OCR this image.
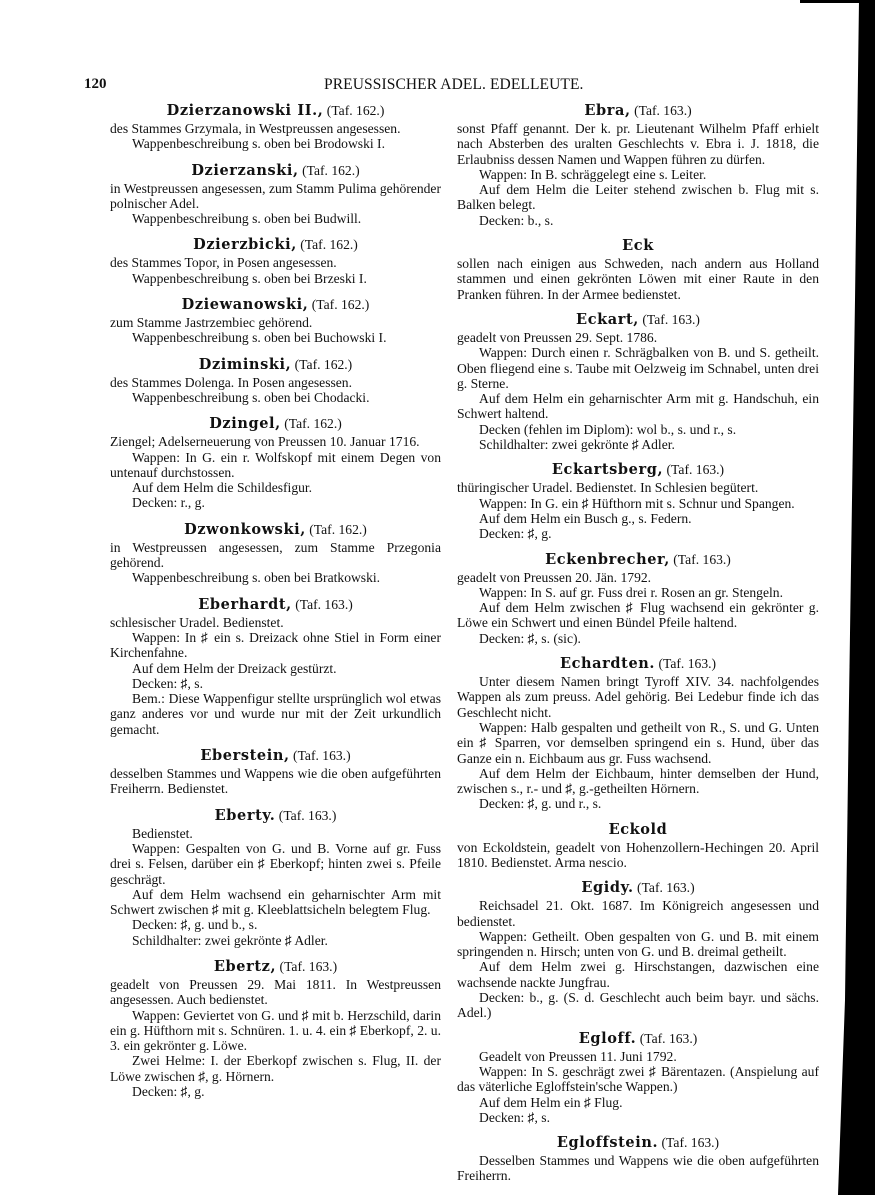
120	PREUSSISCHER ADEL. EDELLEUTE.
Dzierzanowski II., (Taf. 162.)

des Stammes Grzymala, in Westpreussen angesessen.

Wappenbeschreibung s. oben bei Brodowski I.

Dzierzanski, (Taf. 162.)

in Westpreussen angesessen, zum Stamm Pulima gehörender polnischer Adel.

Wappenbeschreibung s. oben bei Budwill.

Dzierzbicki, (Taf. 162.)

des Stammes Topor, in Posen angesessen.

Wappenbeschreibung s. oben bei Brzeski I.

Dziewanowski, (Taf. 162.)

zum Stamme Jastrzembiec gehörend.

Wappenbeschreibung s. oben bei Buchowski I.

Dziminski, (Taf. 162.)

des Stammes Dolenga. In Posen angesessen.

Wappenbeschreibung s. oben bei Chodacki.

Dzingel, (Taf. 162.)

Ziengel; Adelserneuerung von Preussen 10. Januar 1716.

Wappen: In G. ein r. Wolfskopf mit einem Degen von untenauf durchstossen.

Auf dem Helm die Schildesfigur.

Decken: r., g.

Dzwonkowski, (Taf. 162.)

in Westpreussen angesessen, zum Stamme Przegonia gehörend.

Wappenbeschreibung s. oben bei Bratkowski.

Eberhardt, (Taf. 163.)

schlesischer Uradel. Bedienstet.

Wappen: In ♯ ein s. Dreizack ohne Stiel in Form einer Kirchenfahne.

Auf dem Helm der Dreizack gestürzt.

Decken: ♯, s.

Bem.: Diese Wappenfigur stellte ursprünglich wol etwas ganz anderes vor und wurde nur mit der Zeit urkundlich gemacht.

Eberstein, (Taf. 163.)

desselben Stammes und Wappens wie die oben aufgeführten Freiherrn. Bedienstet.

Eberty. (Taf. 163.)

Bedienstet.

Wappen: Gespalten von G. und B. Vorne auf gr. Fuss drei s. Felsen, darüber ein ♯ Eberkopf; hinten zwei s. Pfeile geschrägt.

Auf dem Helm wachsend ein geharnischter Arm mit Schwert zwischen ♯ mit g. Kleeblattsicheln belegtem Flug.

Decken: ♯, g. und b., s.

Schildhalter: zwei gekrönte ♯ Adler.

Ebertz, (Taf. 163.)

geadelt von Preussen 29. Mai 1811. In Westpreussen angesessen. Auch bedienstet.

Wappen: Geviertet von G. und ♯ mit b. Herzschild, darin ein g. Hüfthorn mit s. Schnüren. 1. u. 4. ein ♯ Eberkopf, 2. u. 3. ein gekrönter g. Löwe.

Zwei Helme: I. der Eberkopf zwischen s. Flug, II. der Löwe zwischen ♯, g. Hörnern.

Decken: ♯, g.

Ebra, (Taf. 163.)

sonst Pfaff genannt. Der k. pr. Lieutenant Wilhelm Pfaff erhielt nach Absterben des uralten Geschlechts v. Ebra i. J. 1818, die Erlaubniss dessen Namen und Wappen führen zu dürfen.

Wappen: In B. schräggelegt eine s. Leiter.

Auf dem Helm die Leiter stehend zwischen b. Flug mit s. Balken belegt.

Decken: b., s.

Eck

sollen nach einigen aus Schweden, nach andern aus Holland stammen und einen gekrönten Löwen mit einer Raute in den Pranken führen. In der Armee bedienstet.

Eckart, (Taf. 163.)

geadelt von Preussen 29. Sept. 1786.

Wappen: Durch einen r. Schrägbalken von B. und S. getheilt. Oben fliegend eine s. Taube mit Oelzweig im Schnabel, unten drei g. Sterne.

Auf dem Helm ein geharnischter Arm mit g. Handschuh, ein Schwert haltend.

Decken (fehlen im Diplom): wol b., s. und r., s.

Schildhalter: zwei gekrönte ♯ Adler.

Eckartsberg, (Taf. 163.)

thüringischer Uradel. Bedienstet. In Schlesien begütert.

Wappen: In G. ein ♯ Hüfthorn mit s. Schnur und Spangen.

Auf dem Helm ein Busch g., s. Federn.

Decken: ♯, g.

Eckenbrecher, (Taf. 163.)

geadelt von Preussen 20. Jän. 1792.

Wappen: In S. auf gr. Fuss drei r. Rosen an gr. Stengeln.

Auf dem Helm zwischen ♯ Flug wachsend ein gekrönter g. Löwe ein Schwert und einen Bündel Pfeile haltend.

Decken: ♯, s. (sic).

Echardten. (Taf. 163.)

Unter diesem Namen bringt Tyroff XIV. 34. nachfolgendes Wappen als zum preuss. Adel gehörig. Bei Ledebur finde ich das Geschlecht nicht.

Wappen: Halb gespalten und getheilt von R., S. und G. Unten ein ♯ Sparren, vor demselben springend ein s. Hund, über das Ganze ein n. Eichbaum aus gr. Fuss wachsend.

Auf dem Helm der Eichbaum, hinter demselben der Hund, zwischen s., r.- und ♯, g.-getheilten Hörnern.

Decken: ♯, g. und r., s.

Eckold

von Eckoldstein, geadelt von Hohenzollern-Hechingen 20. April 1810. Bedienstet. Arma nescio.

Egidy. (Taf. 163.)

Reichsadel 21. Okt. 1687. Im Königreich angesessen und bedienstet.

Wappen: Getheilt. Oben gespalten von G. und B. mit einem springenden n. Hirsch; unten von G. und B. dreimal getheilt.

Auf dem Helm zwei g. Hirschstangen, dazwischen eine wachsende nackte Jungfrau.

Decken: b., g. (S. d. Geschlecht auch beim bayr. und sächs. Adel.)

Egloff. (Taf. 163.)

Geadelt von Preussen 11. Juni 1792.

Wappen: In S. geschrägt zwei ♯ Bärentazen. (Anspielung auf das väterliche Egloffstein'sche Wappen.)

Auf dem Helm ein ♯ Flug.

Decken: ♯, s.

Egloffstein. (Taf. 163.)

Desselben Stammes und Wappens wie die oben aufgeführten Freiherrn.
